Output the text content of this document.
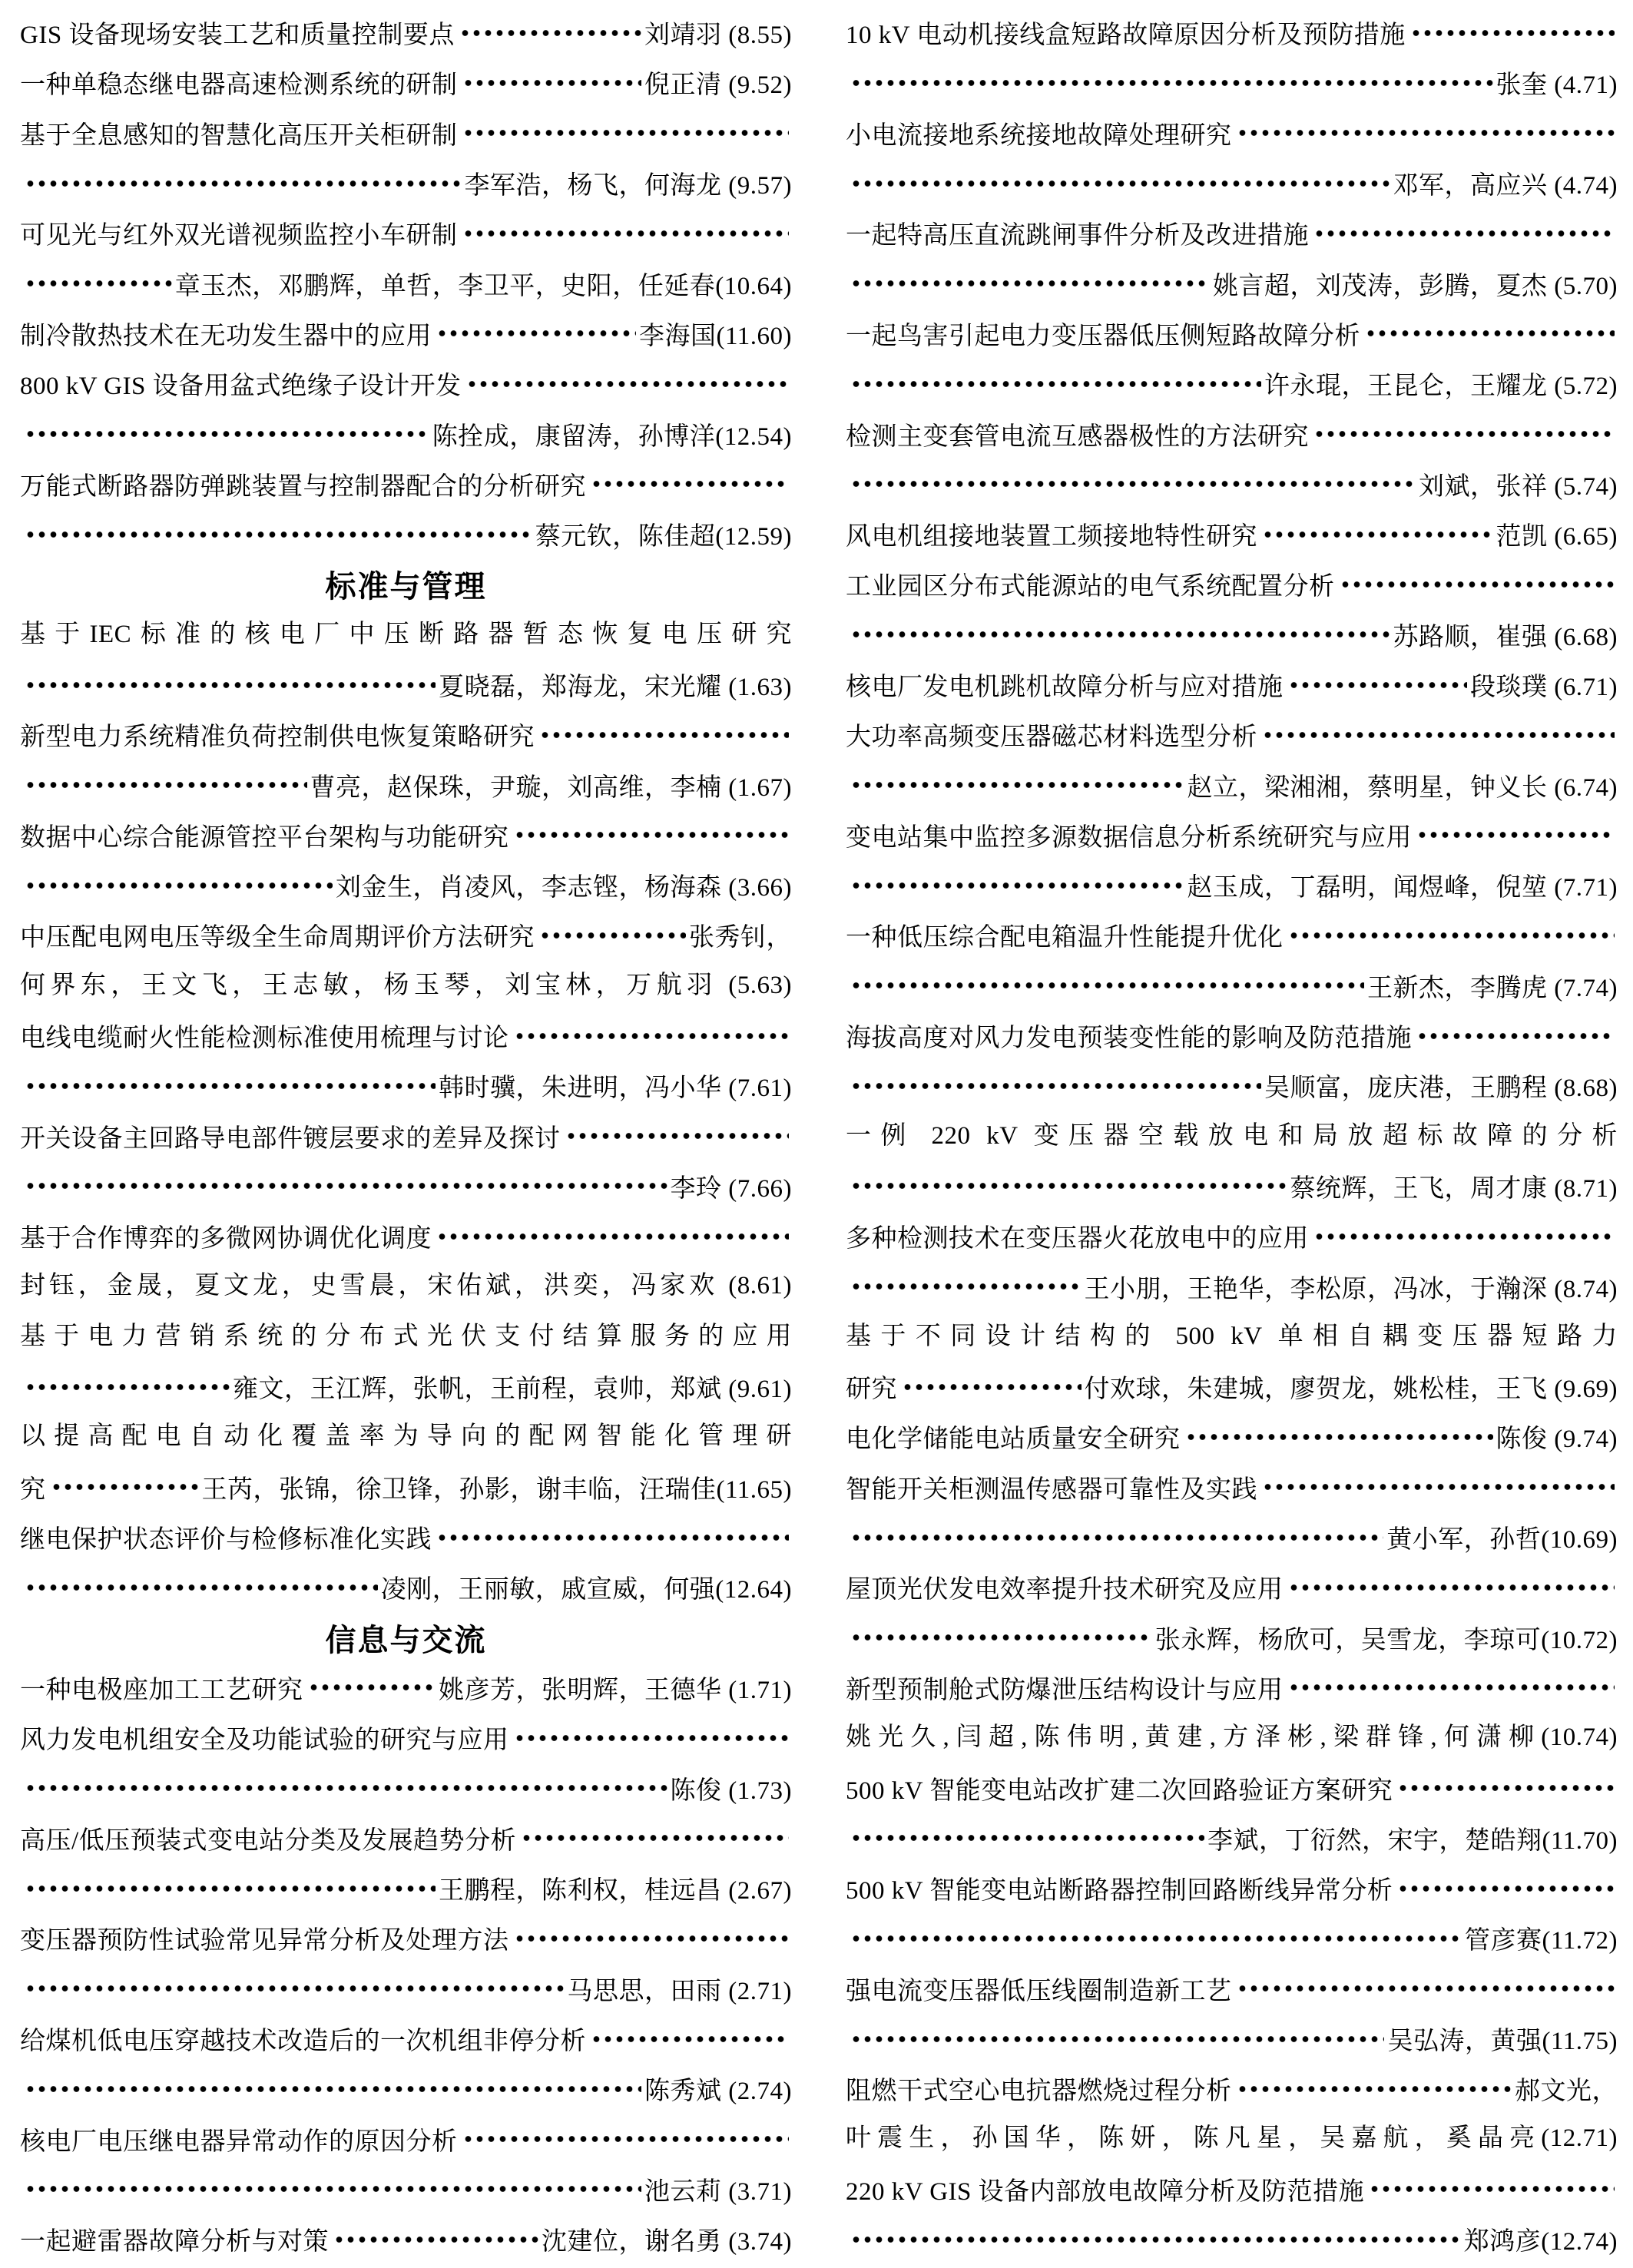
GIS 设备现场安装工艺和质量控制要点	刘靖羽 (8.55)
一种单稳态继电器高速检测系统的研制	倪正清 (9.52)
基于全息感知的智慧化高压开关柜研制
李军浩，杨飞，何海龙 (9.57)
可见光与红外双光谱视频监控小车研制
章玉杰，邓鹏辉，单哲，李卫平，史阳，任延春(10.64)
制冷散热技术在无功发生器中的应用	李海国(11.60)
800 kV GIS 设备用盆式绝缘子设计开发
陈拴成，康留涛，孙博洋(12.54)
万能式断路器防弹跳装置与控制器配合的分析研究
蔡元钦，陈佳超(12.59)
标准与管理
基于IEC标准的核电厂中压断路器暂态恢复电压研究
夏晓磊，郑海龙，宋光耀 (1.63)
新型电力系统精准负荷控制供电恢复策略研究
曹亮，赵保珠，尹璇，刘高维，李楠 (1.67)
数据中心综合能源管控平台架构与功能研究
刘金生，肖凌风，李志铿，杨海森 (3.66)
中压配电网电压等级全生命周期评价方法研究	张秀钊，
何界东，王文飞，王志敏，杨玉琴，刘宝林，万航羽 (5.63)
电线电缆耐火性能检测标准使用梳理与讨论
韩时骥，朱进明，冯小华 (7.61)
开关设备主回路导电部件镀层要求的差异及探讨
李玲 (7.66)
基于合作博弈的多微网协调优化调度
封钰，金晟，夏文龙，史雪晨，宋佑斌，洪奕，冯家欢 (8.61)
基于电力营销系统的分布式光伏支付结算服务的应用
雍文，王江辉，张帆，王前程，袁帅，郑斌 (9.61)
以提高配电自动化覆盖率为导向的配网智能化管理研
究	王芮，张锦，徐卫锋，孙影，谢丰临，汪瑞佳(11.65)
继电保护状态评价与检修标准化实践
凌刚，王丽敏，戚宣威，何强(12.64)
信息与交流
一种电极座加工工艺研究	姚彦芳，张明辉，王德华 (1.71)
风力发电机组安全及功能试验的研究与应用
陈俊 (1.73)
高压/低压预装式变电站分类及发展趋势分析
王鹏程，陈利权，桂远昌 (2.67)
变压器预防性试验常见异常分析及处理方法
马思思，田雨 (2.71)
给煤机低电压穿越技术改造后的一次机组非停分析
陈秀斌 (2.74)
核电厂电压继电器异常动作的原因分析
池云莉 (3.71)
一起避雷器故障分析与对策	沈建位，谢名勇 (3.74)
10 kV 电动机接线盒短路故障原因分析及预防措施
张奎 (4.71)
小电流接地系统接地故障处理研究
邓军，高应兴 (4.74)
一起特高压直流跳闸事件分析及改进措施
姚言超，刘茂涛，彭腾，夏杰 (5.70)
一起鸟害引起电力变压器低压侧短路故障分析
许永琨，王昆仑，王耀龙 (5.72)
检测主变套管电流互感器极性的方法研究
刘斌，张祥 (5.74)
风电机组接地装置工频接地特性研究	范凯 (6.65)
工业园区分布式能源站的电气系统配置分析
苏路顺，崔强 (6.68)
核电厂发电机跳机故障分析与应对措施	段琰璞 (6.71)
大功率高频变压器磁芯材料选型分析
赵立，梁湘湘，蔡明星，钟义长 (6.74)
变电站集中监控多源数据信息分析系统研究与应用
赵玉成，丁磊明，闻煜峰，倪堃 (7.71)
一种低压综合配电箱温升性能提升优化
王新杰，李腾虎 (7.74)
海拔高度对风力发电预装变性能的影响及防范措施
吴顺富，庞庆港，王鹏程 (8.68)
一例 220 kV 变压器空载放电和局放超标故障的分析
蔡统辉，王飞，周才康 (8.71)
多种检测技术在变压器火花放电中的应用
王小朋，王艳华，李松原，冯冰，于瀚深 (8.74)
基于不同设计结构的 500 kV 单相自耦变压器短路力
研究	付欢球，朱建城，廖贺龙，姚松桂，王飞 (9.69)
电化学储能电站质量安全研究	陈俊 (9.74)
智能开关柜测温传感器可靠性及实践
黄小军，孙哲(10.69)
屋顶光伏发电效率提升技术研究及应用
张永辉，杨欣可，吴雪龙，李琼可(10.72)
新型预制舱式防爆泄压结构设计与应用
姚光久,闫超,陈伟明,黄建,方泽彬,梁群锋,何潇柳(10.74)
500 kV 智能变电站改扩建二次回路验证方案研究
李斌，丁衍然，宋宇，楚皓翔(11.70)
500 kV 智能变电站断路器控制回路断线异常分析
管彦赛(11.72)
强电流变压器低压线圈制造新工艺
吴弘涛，黄强(11.75)
阻燃干式空心电抗器燃烧过程分析	郝文光，
叶震生，孙国华，陈妍，陈凡星，吴嘉航，奚晶亮(12.71)
220 kV GIS 设备内部放电故障分析及防范措施
郑鸿彦(12.74)
